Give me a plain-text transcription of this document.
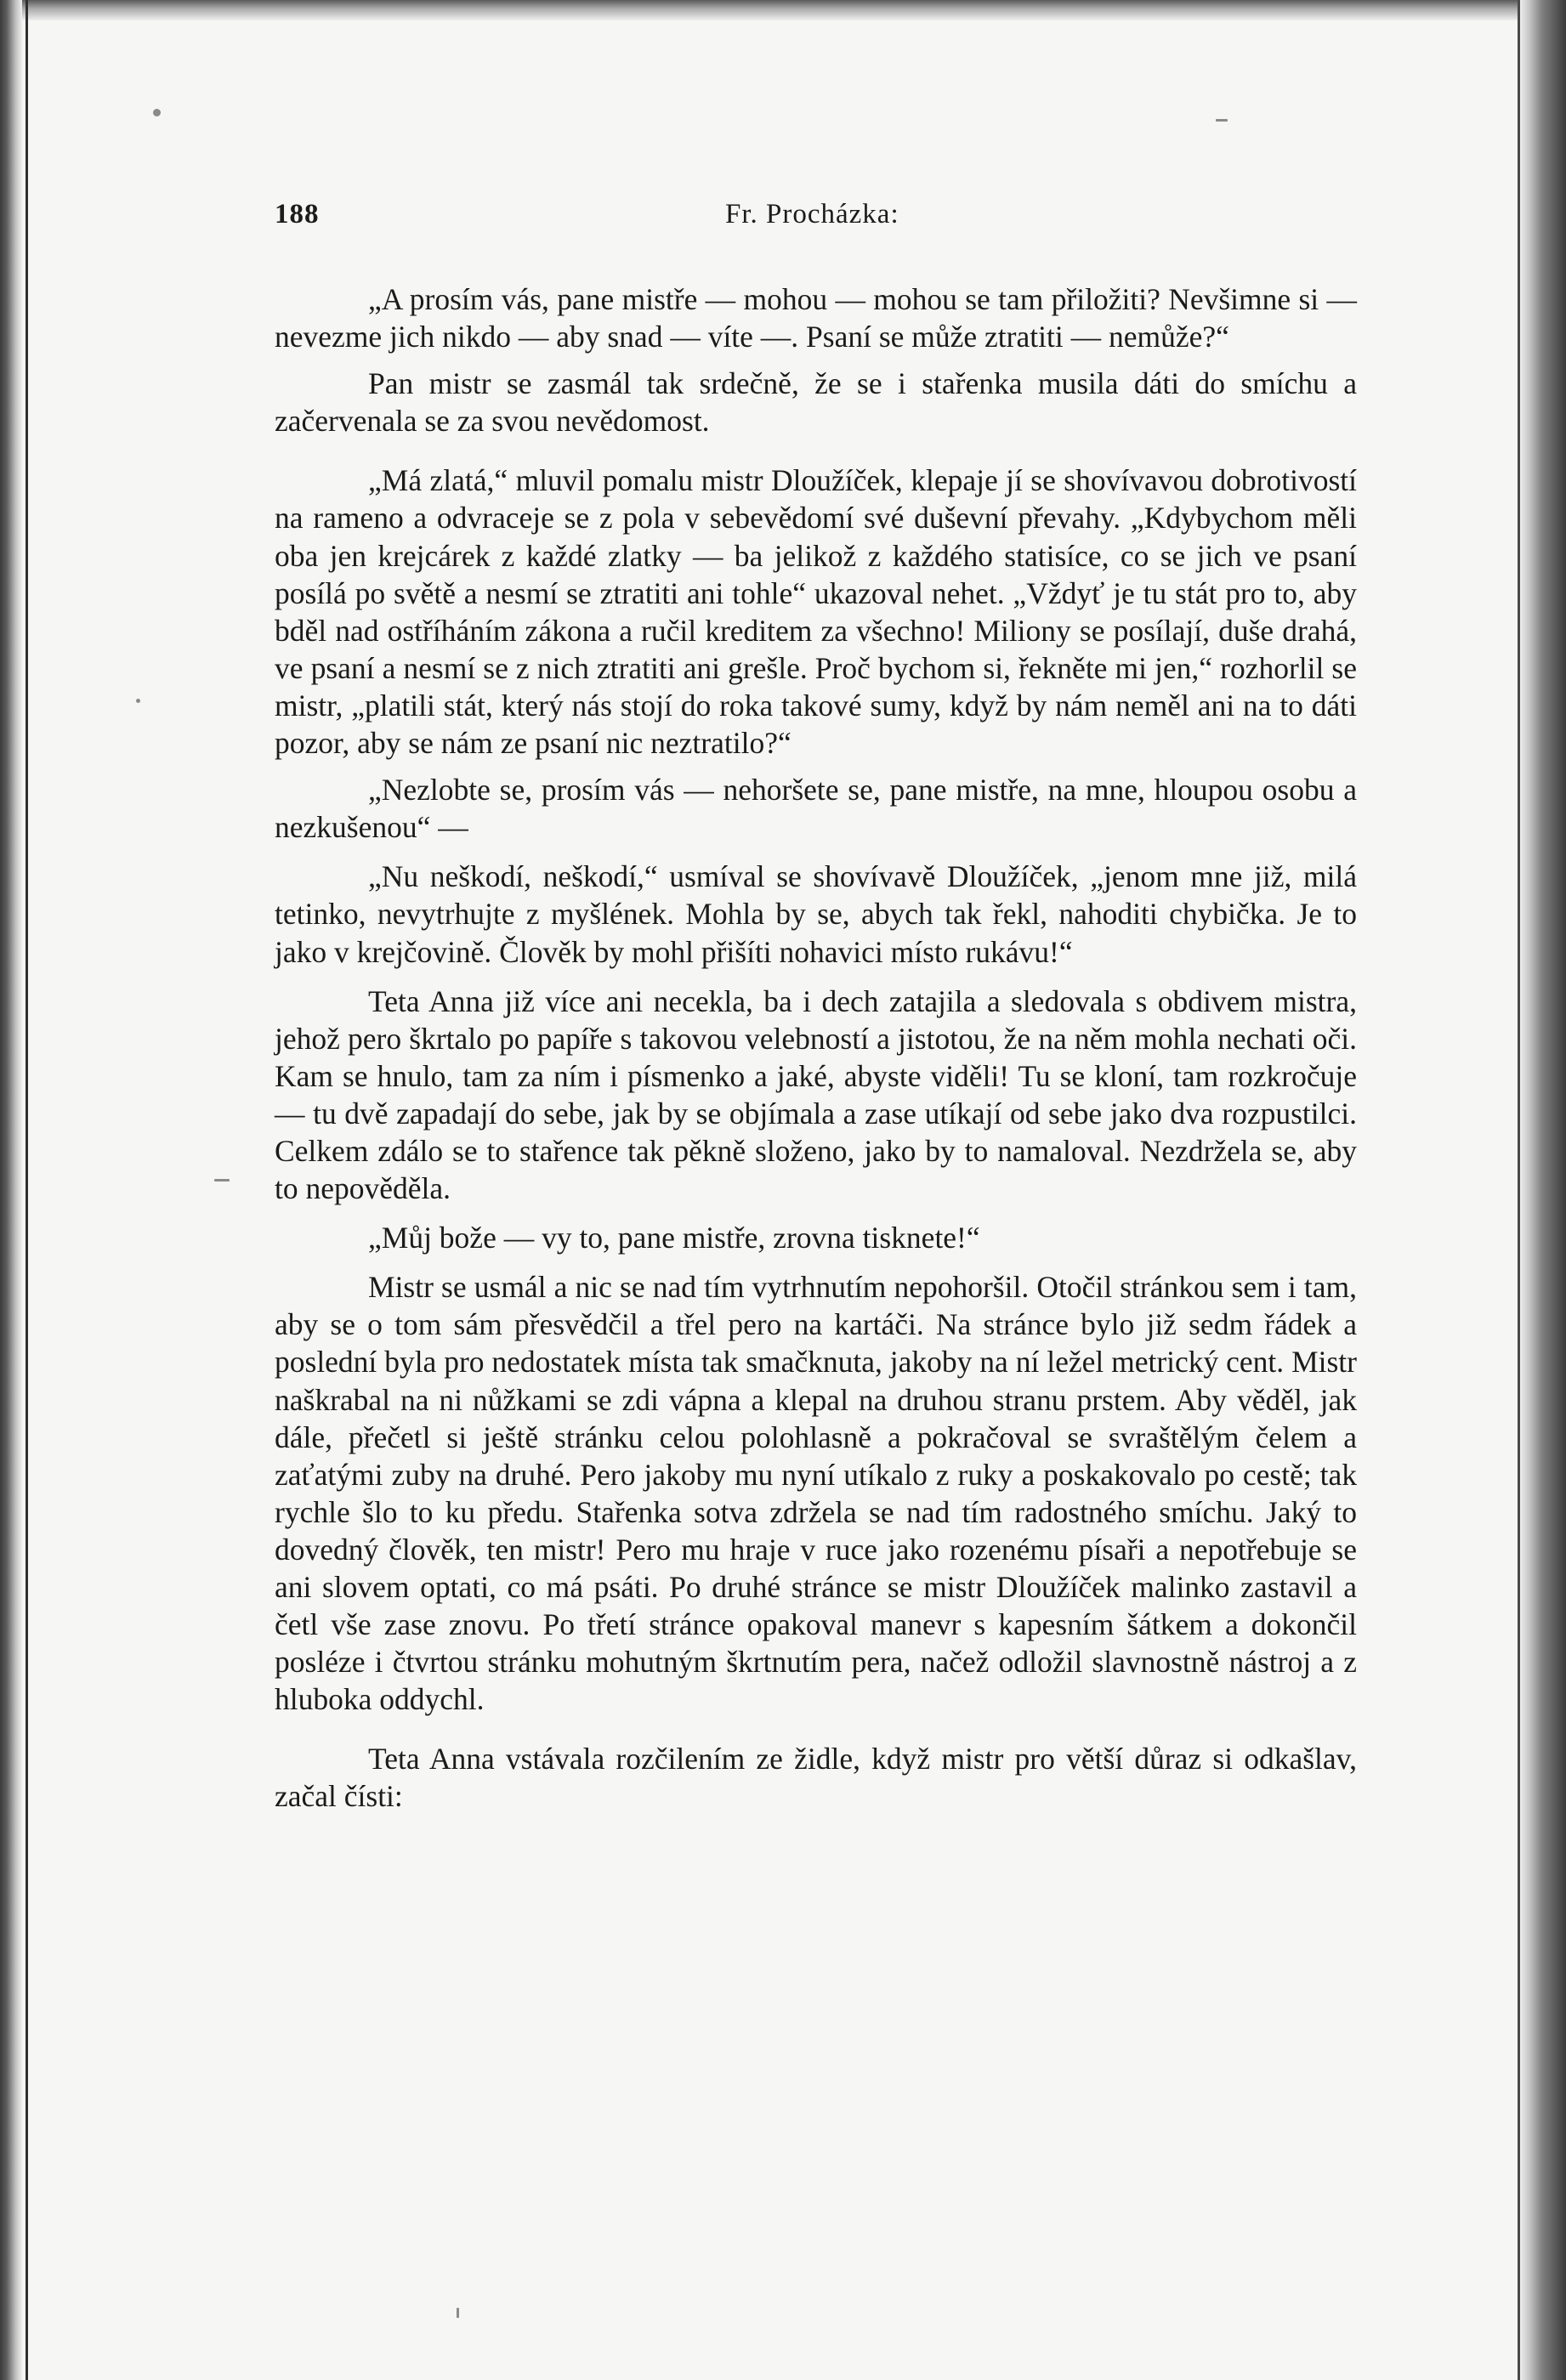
188	Fr. Procházka:

„A prosím vás, pane mistře — mohou — mohou se tam přiložiti? Nevšimne si — nevezme jich nikdo — aby snad — víte —. Psaní se může ztratiti — nemůže?“

Pan mistr se zasmál tak srdečně, že se i stařenka musila dáti do smíchu a začervenala se za svou nevědomost.

„Má zlatá,“ mluvil pomalu mistr Dloužíček, klepaje jí se shovívavou dobrotivostí na rameno a odvraceje se z pola v sebevědomí své duševní převahy. „Kdybychom měli oba jen krejcárek z každé zlatky — ba jelikož z každého statisíce, co se jich ve psaní posílá po světě a nesmí se ztratiti ani tohle“ ukazoval nehet. „Vždyť je tu stát pro to, aby bděl nad ostříháním zákona a ručil kreditem za všechno! Miliony se posílají, duše drahá, ve psaní a nesmí se z nich ztratiti ani grešle. Proč bychom si, řekněte mi jen,“ rozhorlil se mistr, „platili stát, který nás stojí do roka takové sumy, když by nám neměl ani na to dáti pozor, aby se nám ze psaní nic neztratilo?“

„Nezlobte se, prosím vás — nehoršete se, pane mistře, na mne, hloupou osobu a nezkušenou“ —

„Nu neškodí, neškodí,“ usmíval se shovívavě Dloužíček, „jenom mne již, milá tetinko, nevytrhujte z myšlének. Mohla by se, abych tak řekl, nahoditi chybička. Je to jako v krejčovině. Člověk by mohl přišíti nohavici místo rukávu!“

Teta Anna již více ani necekla, ba i dech zatajila a sledovala s obdivem mistra, jehož pero škrtalo po papíře s takovou velebností a jistotou, že na něm mohla nechati oči. Kam se hnulo, tam za ním i písmenko a jaké, abyste viděli! Tu se kloní, tam rozkročuje — tu dvě zapadají do sebe, jak by se objímala a zase utíkají od sebe jako dva rozpustilci. Celkem zdálo se to stařence tak pěkně složeno, jako by to namaloval. Nezdržela se, aby to nepověděla.

„Můj bože — vy to, pane mistře, zrovna tisknete!“

Mistr se usmál a nic se nad tím vytrhnutím nepohoršil. Otočil stránkou sem i tam, aby se o tom sám přesvědčil a třel pero na kartáči. Na stránce bylo již sedm řádek a poslední byla pro nedostatek místa tak smačknuta, jakoby na ní ležel metrický cent. Mistr naškrabal na ni nůžkami se zdi vápna a klepal na druhou stranu prstem. Aby věděl, jak dále, přečetl si ještě stránku celou polohlasně a pokračoval se svraštělým čelem a zaťatými zuby na druhé. Pero jakoby mu nyní utíkalo z ruky a poskakovalo po cestě; tak rychle šlo to ku předu. Stařenka sotva zdržela se nad tím radostného smíchu. Jaký to dovedný člověk, ten mistr! Pero mu hraje v ruce jako rozenému písaři a nepotřebuje se ani slovem optati, co má psáti. Po druhé stránce se mistr Dloužíček malinko zastavil a četl vše zase znovu. Po třetí stránce opakoval manevr s kapesním šátkem a dokončil posléze i čtvrtou stránku mohutným škrtnutím pera, načež odložil slavnostně nástroj a z hluboka oddychl.

Teta Anna vstávala rozčilením ze židle, když mistr pro větší důraz si odkašlav, začal čísti:
